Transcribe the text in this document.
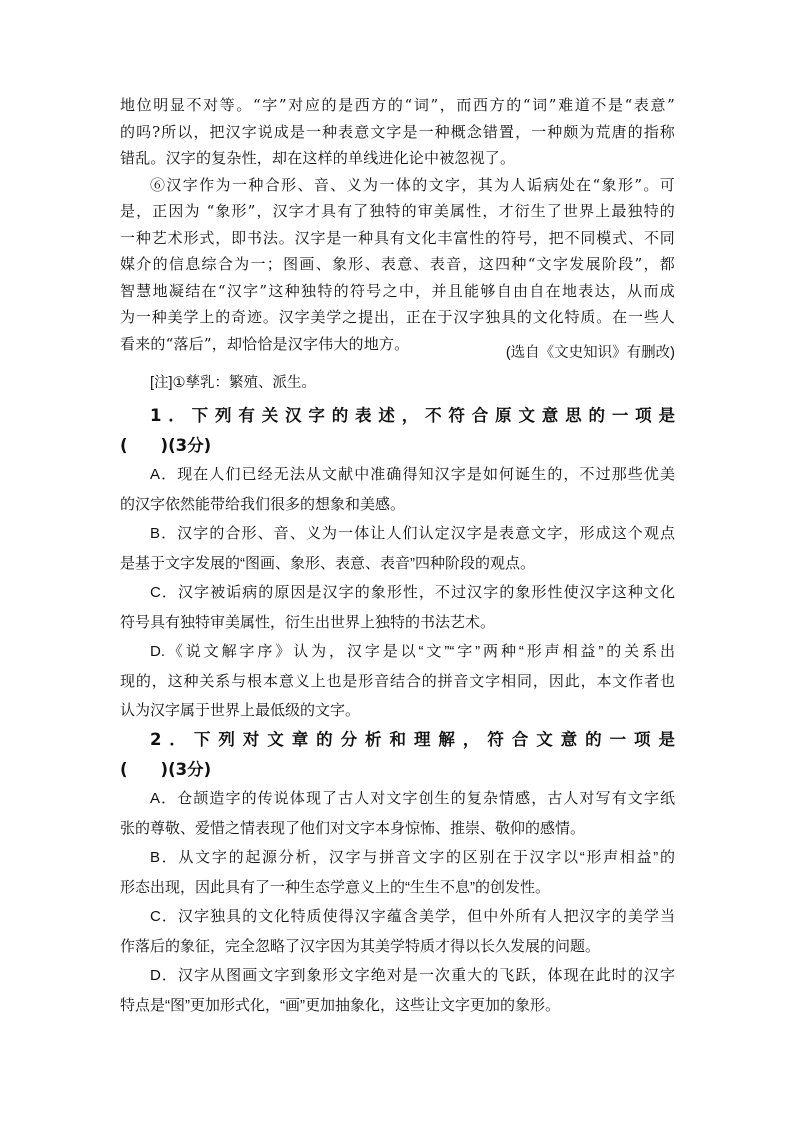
地位明显不对等。“字”对应的是西方的“词”，而西方的“词”难道不是“表意”
的吗?所以，把汉字说成是一种表意文字是一种概念错置，一种颇为荒唐的指称
错乱。汉字的复杂性，却在这样的单线进化论中被忽视了。
⑥汉字作为一种合形、音、义为一体的文字，其为人诟病处在“象形”。可
是，正因为 “象形”，汉字才具有了独特的审美属性，才衍生了世界上最独特的
一种艺术形式，即书法。汉字是一种具有文化丰富性的符号，把不同模式、不同
媒介的信息综合为一；图画、象形、表意、表音，这四种“文字发展阶段”，都
智慧地凝结在“汉字”这种独特的符号之中，并且能够自由自在地表达，从而成
为一种美学上的奇迹。汉字美学之提出，正在于汉字独具的文化特质。在一些人
看来的“落后”，却恰恰是汉字伟大的地方。
(选自《文史知识》有删改)
[注]①孳乳：繁殖、派生。
1．下列有关汉字的表述，不符合原文意思的一项是
(　　)(3分)
A．现在人们已经无法从文献中准确得知汉字是如何诞生的，不过那些优美
的汉字依然能带给我们很多的想象和美感。
B．汉字的合形、音、义为一体让人们认定汉字是表意文字，形成这个观点
是基于文字发展的“图画、象形、表意、表音”四种阶段的观点。
C．汉字被诟病的原因是汉字的象形性，不过汉字的象形性使汉字这种文化
符号具有独特审美属性，衍生出世界上独特的书法艺术。
D.《说文解字序》认为，汉字是以“文”“字”两种“形声相益”的关系出
现的，这种关系与根本意义上也是形音结合的拼音文字相同，因此，本文作者也
认为汉字属于世界上最低级的文字。
2．下列对文章的分析和理解，符合文意的一项是
(　　)(3分)
A．仓颉造字的传说体现了古人对文字创生的复杂情感，古人对写有文字纸
张的尊敬、爱惜之情表现了他们对文字本身惊怖、推崇、敬仰的感情。
B．从文字的起源分析，汉字与拼音文字的区别在于汉字以“形声相益”的
形态出现，因此具有了一种生态学意义上的“生生不息”的创发性。
C．汉字独具的文化特质使得汉字蕴含美学，但中外所有人把汉字的美学当
作落后的象征，完全忽略了汉字因为其美学特质才得以长久发展的问题。
D．汉字从图画文字到象形文字绝对是一次重大的飞跃，体现在此时的汉字
特点是“图”更加形式化，“画”更加抽象化，这些让文字更加的象形。
